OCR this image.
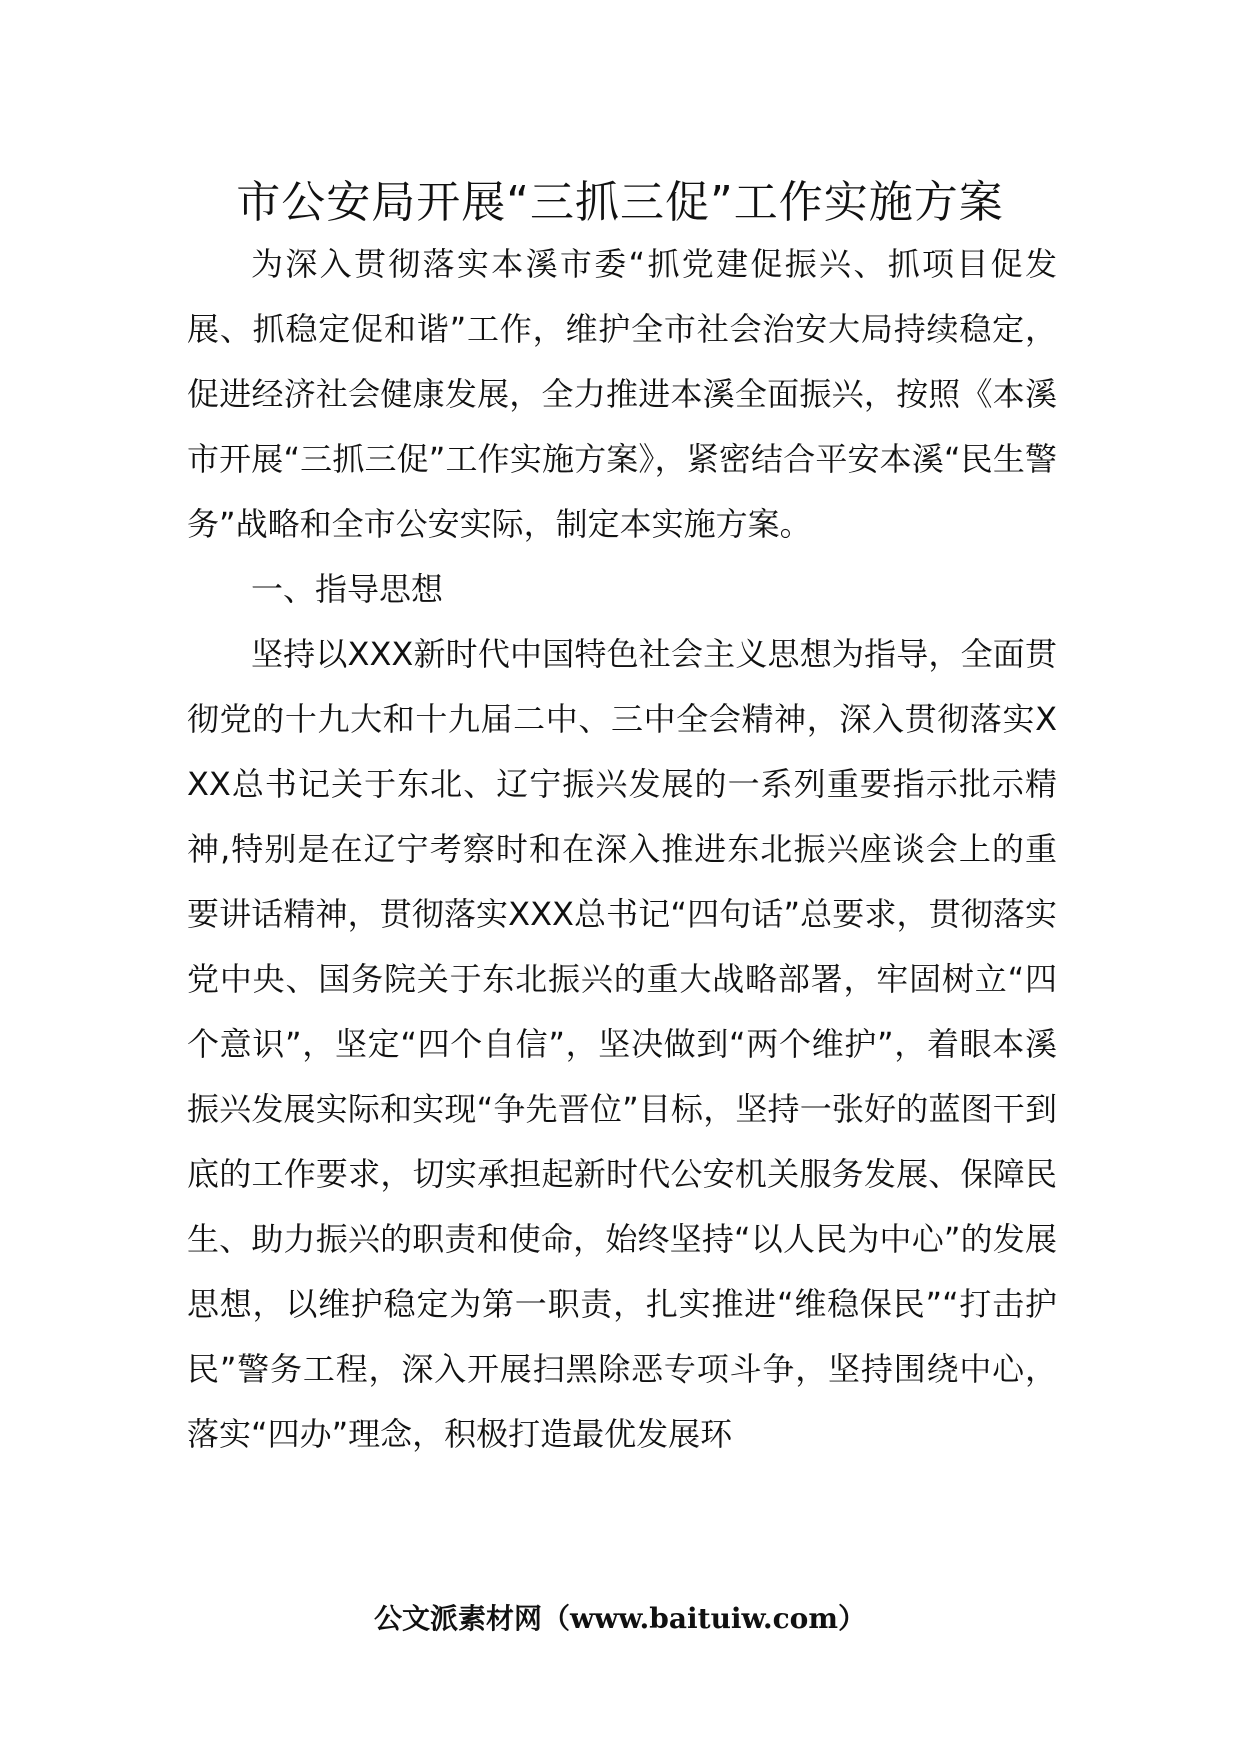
市公安局开展“三抓三促”工作实施方案

为深入贯彻落实本溪市委“抓党建促振兴、抓项目促发展、抓稳定促和谐”工作，维护全市社会治安大局持续稳定，促进经济社会健康发展，全力推进本溪全面振兴，按照《本溪市开展“三抓三促”工作实施方案》，紧密结合平安本溪“民生警务”战略和全市公安实际，制定本实施方案。

一、指导思想

坚持以XXX新时代中国特色社会主义思想为指导，全面贯彻党的十九大和十九届二中、三中全会精神，深入贯彻落实XXX总书记关于东北、辽宁振兴发展的一系列重要指示批示精神,特别是在辽宁考察时和在深入推进东北振兴座谈会上的重要讲话精神，贯彻落实XXX总书记“四句话”总要求，贯彻落实党中央、国务院关于东北振兴的重大战略部署，牢固树立“四个意识”，坚定“四个自信”，坚决做到“两个维护”，着眼本溪振兴发展实际和实现“争先晋位”目标，坚持一张好的蓝图干到底的工作要求，切实承担起新时代公安机关服务发展、保障民生、助力振兴的职责和使命，始终坚持“以人民为中心”的发展思想，以维护稳定为第一职责，扎实推进“维稳保民”“打击护民”警务工程，深入开展扫黑除恶专项斗争，坚持围绕中心，落实“四办”理念，积极打造最优发展环

公文派素材网（www.baituiw.com）
